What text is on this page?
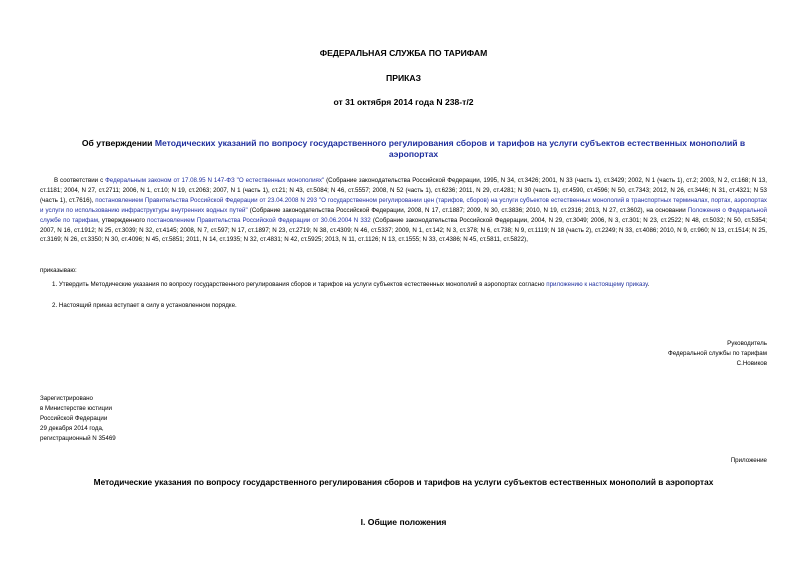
ФЕДЕРАЛЬНАЯ СЛУЖБА ПО ТАРИФАМ
ПРИКАЗ
от 31 октября 2014 года N 238-т/2
Об утверждении Методических указаний по вопросу государственного регулирования сборов и тарифов на услуги субъектов естественных монополий в аэропортах
В соответствии с Федеральным законом от 17.08.95 N 147-ФЗ "О естественных монополиях" (Собрание законодательства Российской Федерации, 1995, N 34, ст.3426; 2001, N 33 (часть 1), ст.3429; 2002, N 1 (часть 1), ст.2; 2003, N 2, ст.168; N 13, ст.1181; 2004, N 27, ст.2711; 2006, N 1, ст.10; N 19, ст.2063; 2007, N 1 (часть 1), ст.21; N 43, ст.5084; N 46, ст.5557; 2008, N 52 (часть 1), ст.6236; 2011, N 29, ст.4281; N 30 (часть 1), ст.4590, ст.4596; N 50, ст.7343; 2012, N 26, ст.3446; N 31, ст.4321; N 53 (часть 1), ст.7616), постановлением Правительства Российской Федерации от 23.04.2008 N 293 "О государственном регулировании цен (тарифов, сборов) на услуги субъектов естественных монополий в транспортных терминалах, портах, аэропортах и услуги по использованию инфраструктуры внутренних водных путей" (Собрание законодательства Российской Федерации, 2008, N 17, ст.1887; 2009, N 30, ст.3836; 2010, N 19, ст.2316; 2013, N 27, ст.3602), на основании Положения о Федеральной службе по тарифам, утвержденного постановлением Правительства Российской Федерации от 30.06.2004 N 332 (Собрание законодательства Российской Федерации, 2004, N 29, ст.3049; 2006, N 3, ст.301; N 23, ст.2522; N 48, ст.5032; N 50, ст.5354; 2007, N 16, ст.1912; N 25, ст.3039; N 32, ст.4145; 2008, N 7, ст.597; N 17, ст.1897; N 23, ст.2719; N 38, ст.4309; N 46, ст.5337; 2009, N 1, ст.142; N 3, ст.378; N 6, ст.738; N 9, ст.1119; N 18 (часть 2), ст.2249; N 33, ст.4086; 2010, N 9, ст.960; N 13, ст.1514; N 25, ст.3169; N 26, ст.3350; N 30, ст.4096; N 45, ст.5851; 2011, N 14, ст.1935; N 32, ст.4831; N 42, ст.5925; 2013, N 11, ст.1126; N 13, ст.1555; N 33, ст.4386; N 45, ст.5811, ст.5822),
приказываю:
1. Утвердить Методические указания по вопросу государственного регулирования сборов и тарифов на услуги субъектов естественных монополий в аэропортах согласно приложению к настоящему приказу.
2. Настоящий приказ вступает в силу в установленном порядке.
Руководитель
Федеральной службы по тарифам
С.Новиков
Зарегистрировано
в Министерстве юстиции
Российской Федерации
29 декабря 2014 года,
регистрационный N 35469
Приложение
Методические указания по вопросу государственного регулирования сборов и тарифов на услуги субъектов естественных монополий в аэропортах
I. Общие положения
